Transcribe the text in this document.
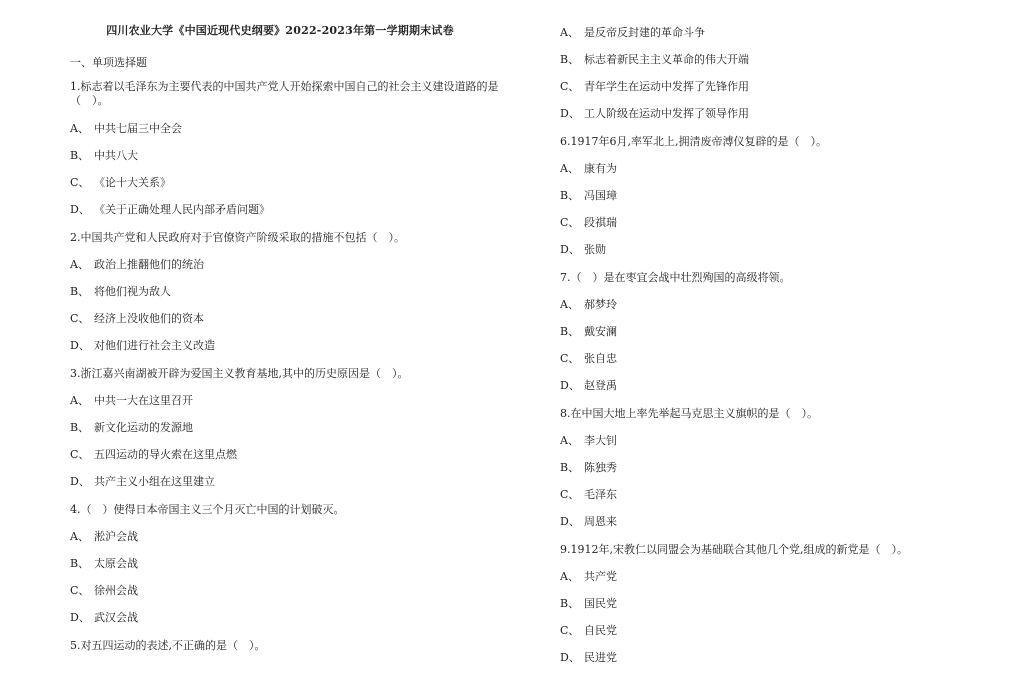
四川农业大学《中国近现代史纲要》2022-2023年第一学期期末试卷
一、单项选择题
1.标志着以毛泽东为主要代表的中国共产党人开始探索中国自己的社会主义建设道路的是
（　）。
A、 中共七届三中全会
B、 中共八大
C、 《论十大关系》
D、 《关于正确处理人民内部矛盾问题》
2.中国共产党和人民政府对于官僚资产阶级采取的措施不包括（　）。
A、 政治上推翻他们的统治
B、 将他们视为敌人
C、 经济上没收他们的资本
D、 对他们进行社会主义改造
3.浙江嘉兴南湖被开辟为爱国主义教育基地,其中的历史原因是（　）。
A、 中共一大在这里召开
B、 新文化运动的发源地
C、 五四运动的导火索在这里点燃
D、 共产主义小组在这里建立
4.（　）使得日本帝国主义三个月灭亡中国的计划破灭。
A、 淞沪会战
B、 太原会战
C、 徐州会战
D、 武汉会战
5.对五四运动的表述,不正确的是（　）。
A、 是反帝反封建的革命斗争
B、 标志着新民主主义革命的伟大开端
C、 青年学生在运动中发挥了先锋作用
D、 工人阶级在运动中发挥了领导作用
6.1917年6月,率军北上,拥清废帝溥仪复辟的是（　）。
A、 康有为
B、 冯国璋
C、 段祺瑞
D、 张勋
7.（　）是在枣宜会战中壮烈殉国的高级将领。
A、 郝梦玲
B、 戴安澜
C、 张自忠
D、 赵登禹
8.在中国大地上率先举起马克思主义旗帜的是（　）。
A、 李大钊
B、 陈独秀
C、 毛泽东
D、 周恩来
9.1912年,宋教仁以同盟会为基础联合其他几个党,组成的新党是（　）。
A、 共产党
B、 国民党
C、 自民党
D、 民进党
